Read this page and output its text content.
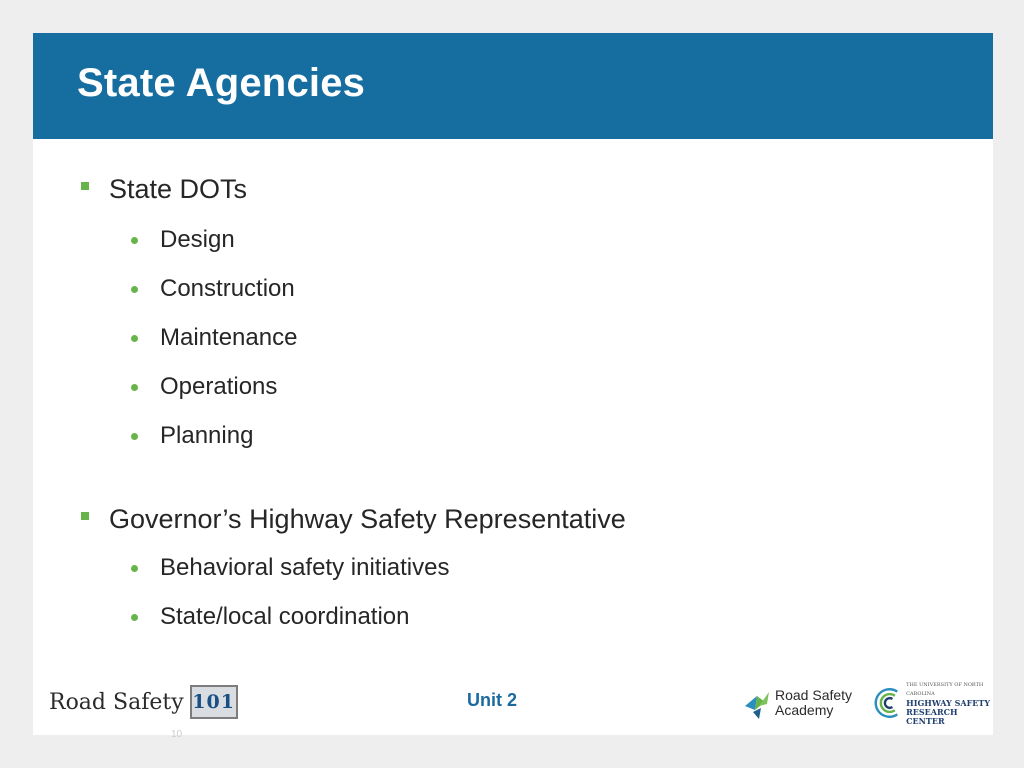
State Agencies
State DOTs
Design
Construction
Maintenance
Operations
Planning
Governor’s Highway Safety Representative
Behavioral safety initiatives
State/local coordination
Road Safety 101	Unit 2	Road Safety
Academy
THE UNIVERSITY OF NORTH CAROLINA
HIGHWAY SAFETY
RESEARCH CENTER
10
